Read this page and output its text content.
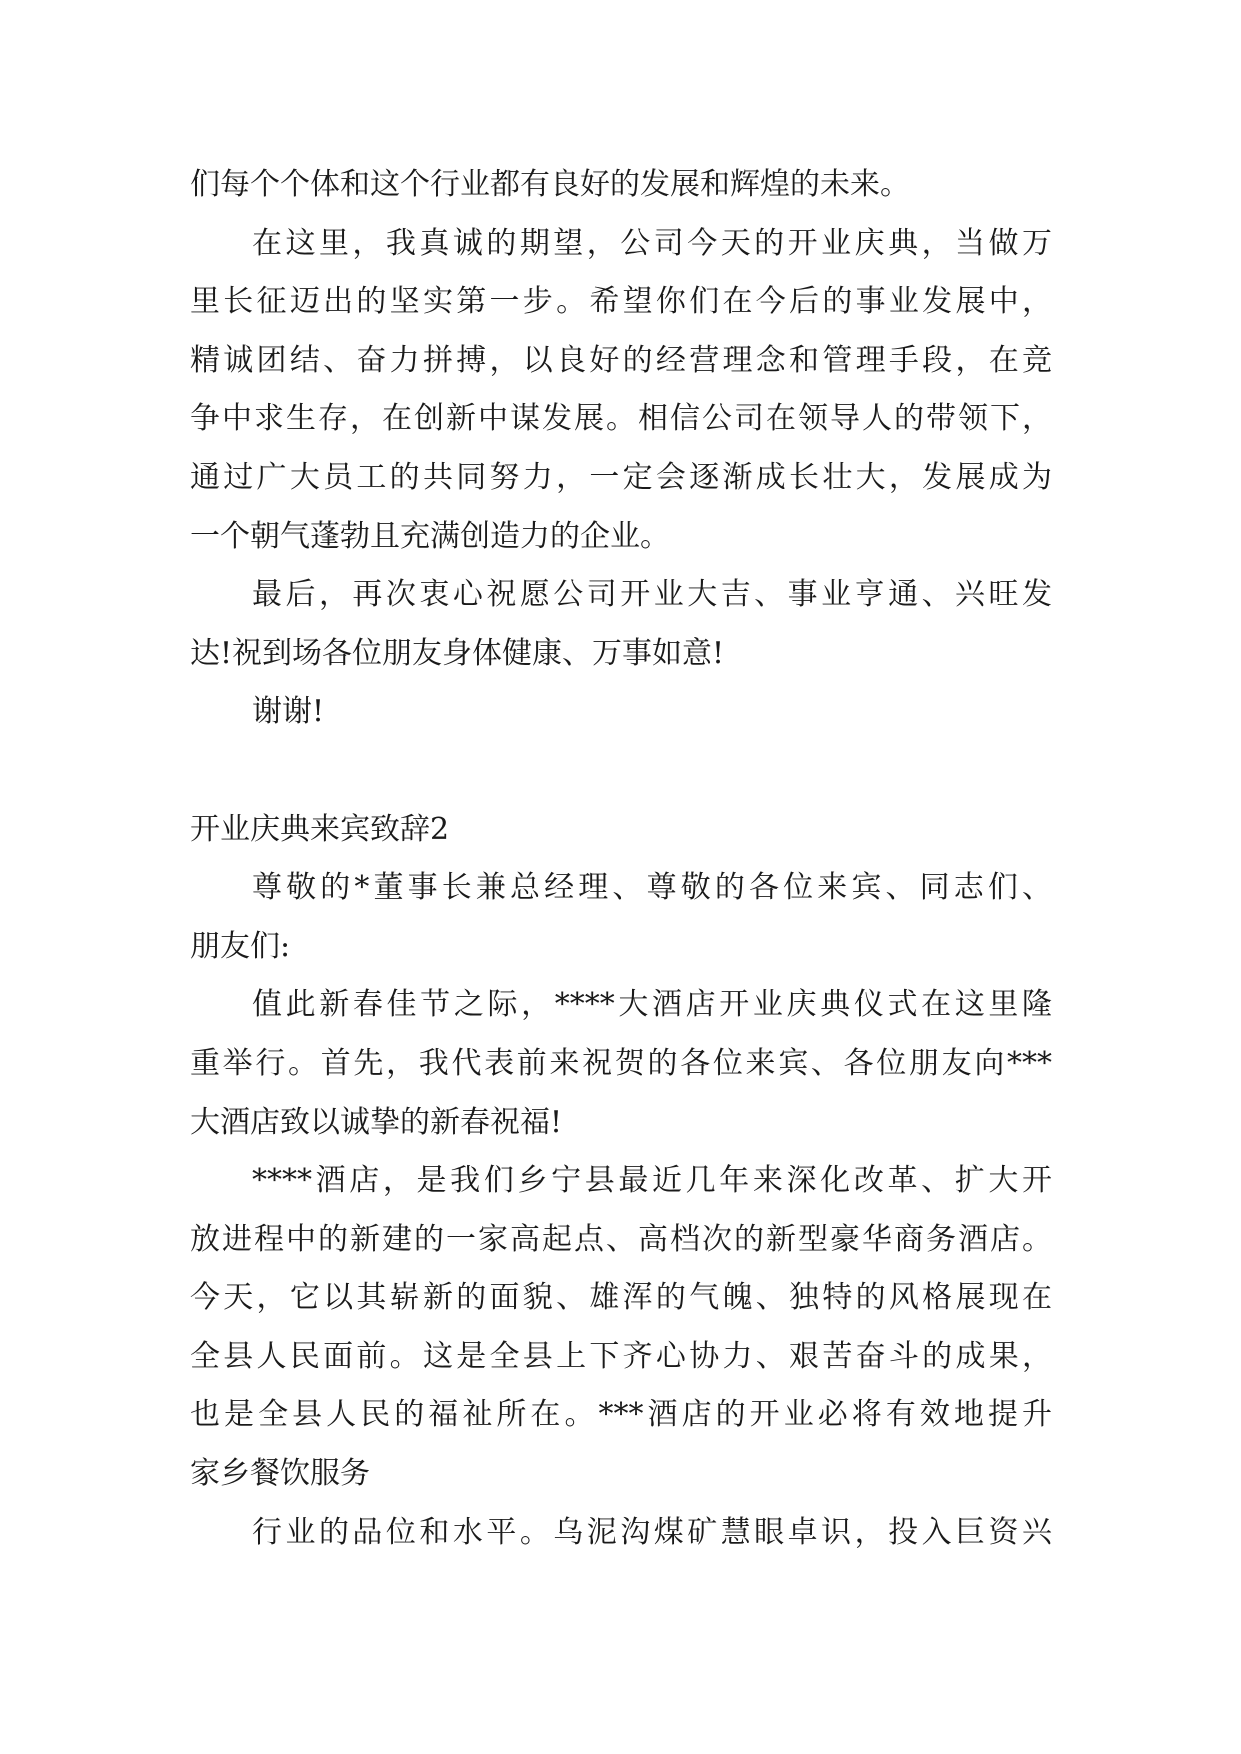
们每个个体和这个行业都有良好的发展和辉煌的未来。
在这里，我真诚的期望，公司今天的开业庆典，当做万
里长征迈出的坚实第一步。希望你们在今后的事业发展中，
精诚团结、奋力拼搏，以良好的经营理念和管理手段，在竞
争中求生存，在创新中谋发展。相信公司在领导人的带领下，
通过广大员工的共同努力，一定会逐渐成长壮大，发展成为
一个朝气蓬勃且充满创造力的企业。
最后，再次衷心祝愿公司开业大吉、事业亨通、兴旺发
达!祝到场各位朋友身体健康、万事如意!
谢谢!
开业庆典来宾致辞2
尊敬的*董事长兼总经理、尊敬的各位来宾、同志们、
朋友们:
值此新春佳节之际，****大酒店开业庆典仪式在这里隆
重举行。首先，我代表前来祝贺的各位来宾、各位朋友向***
大酒店致以诚挚的新春祝福!
****酒店，是我们乡宁县最近几年来深化改革、扩大开
放进程中的新建的一家高起点、高档次的新型豪华商务酒店。
今天，它以其崭新的面貌、雄浑的气魄、独特的风格展现在
全县人民面前。这是全县上下齐心协力、艰苦奋斗的成果，
也是全县人民的福祉所在。***酒店的开业必将有效地提升
家乡餐饮服务
行业的品位和水平。乌泥沟煤矿慧眼卓识，投入巨资兴
